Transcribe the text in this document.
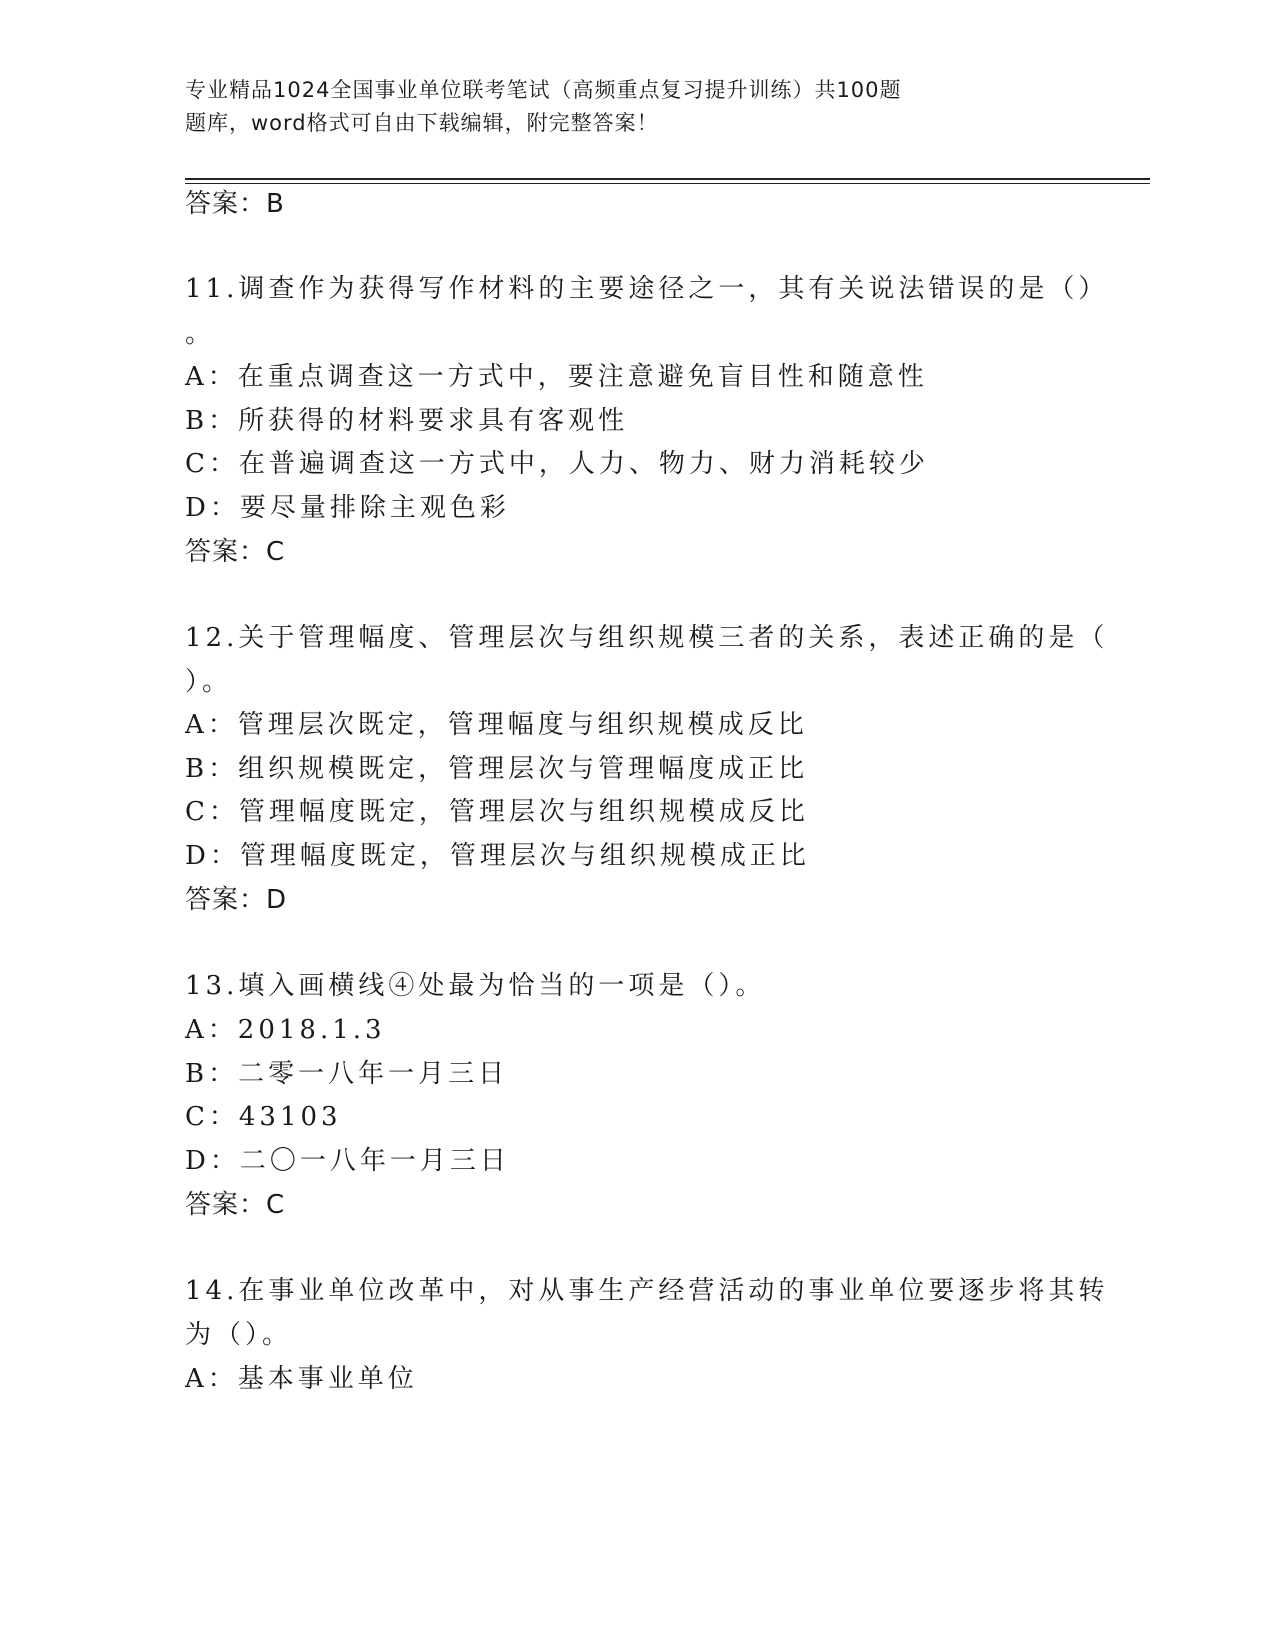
专业精品1024全国事业单位联考笔试（高频重点复习提升训练）共100题
题库，word格式可自由下载编辑，附完整答案！
答案：B
11.调查作为获得写作材料的主要途径之一，其有关说法错误的是（）
。
A：在重点调查这一方式中，要注意避免盲目性和随意性
B：所获得的材料要求具有客观性
C：在普遍调查这一方式中，人力、物力、财力消耗较少
D：要尽量排除主观色彩
答案：C
12.关于管理幅度、管理层次与组织规模三者的关系，表述正确的是（
）。
A：管理层次既定，管理幅度与组织规模成反比
B：组织规模既定，管理层次与管理幅度成正比
C：管理幅度既定，管理层次与组织规模成反比
D：管理幅度既定，管理层次与组织规模成正比
答案：D
13.填入画横线④处最为恰当的一项是（）。
A：2018.1.3
B：二零一八年一月三日
C：43103
D：二〇一八年一月三日
答案：C
14.在事业单位改革中，对从事生产经营活动的事业单位要逐步将其转
为（）。
A：基本事业单位
